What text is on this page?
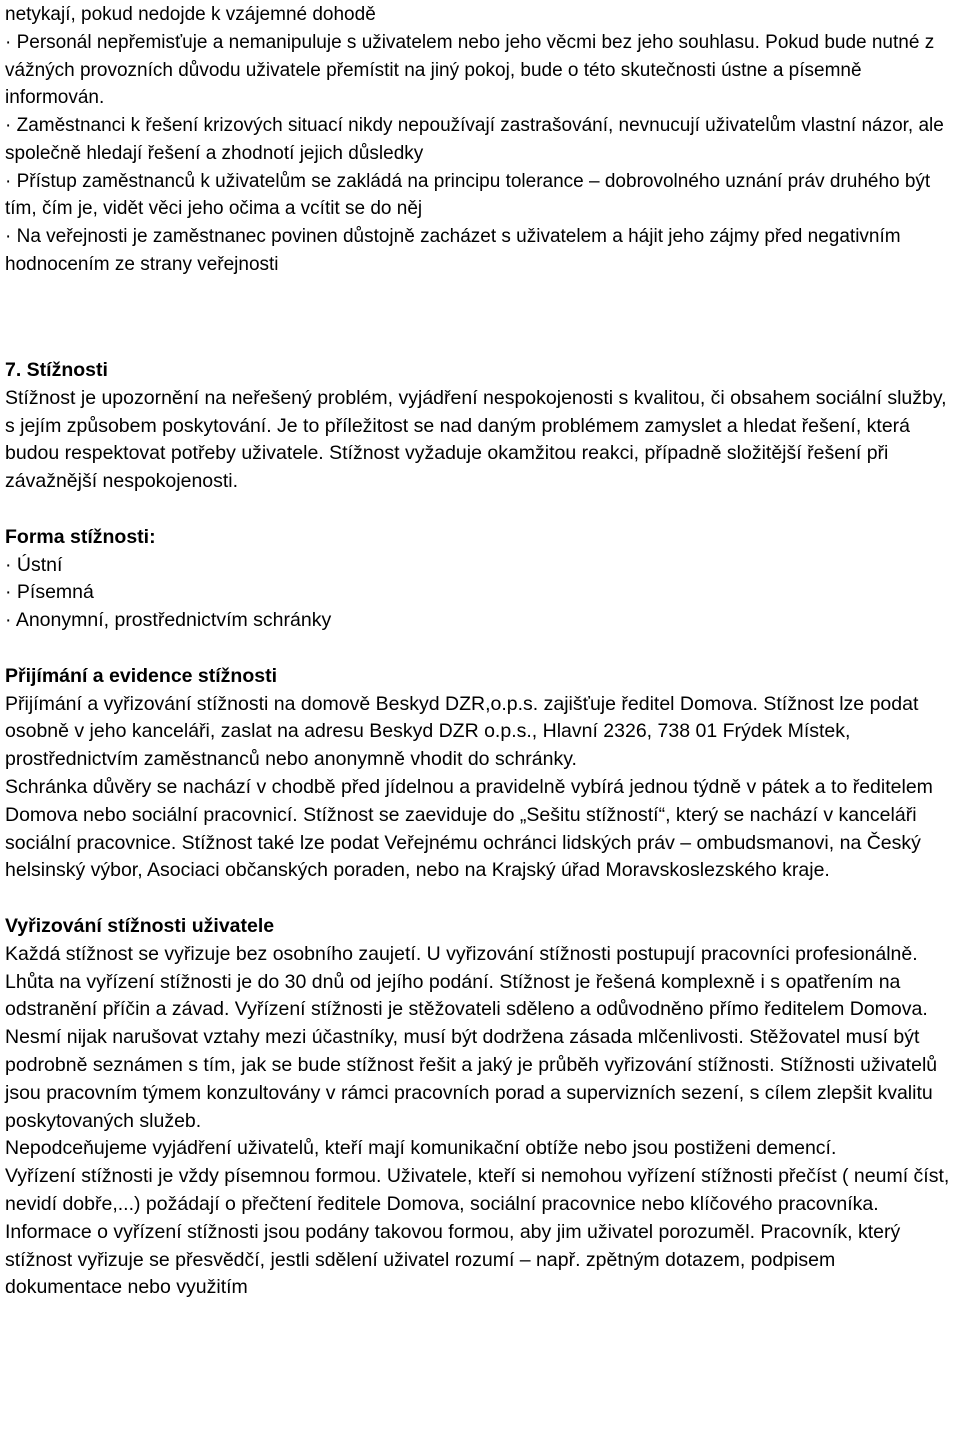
netykají, pokud nedojde k vzájemné dohodě

· Personál nepřemisťuje a nemanipuluje s uživatelem nebo jeho věcmi bez jeho souhlasu. Pokud bude nutné z vážných provozních důvodu uživatele přemístit na jiný pokoj, bude o této skutečnosti ústne a písemně informován.

· Zaměstnanci k řešení krizových situací nikdy nepoužívají zastrašování, nevnucují uživatelům vlastní názor, ale společně hledají řešení a zhodnotí jejich důsledky

· Přístup zaměstnanců k uživatelům se zakládá na principu tolerance – dobrovolného uznání práv druhého být tím, čím je, vidět věci jeho očima a vcítit se do něj

· Na veřejnosti je zaměstnanec povinen důstojně zacházet s uživatelem a hájit jeho zájmy před negativním hodnocením ze strany veřejnosti

7. Stížnosti

Stížnost je upozornění na neřešený problém, vyjádření nespokojenosti s kvalitou, či obsahem sociální služby, s jejím způsobem poskytování. Je to příležitost se nad daným problémem zamyslet a hledat řešení, která budou respektovat potřeby uživatele. Stížnost vyžaduje okamžitou reakci, případně složitější řešení při závažnější nespokojenosti.

Forma stížnosti:

· Ústní

· Písemná

· Anonymní, prostřednictvím schránky

Přijímání a evidence stížnosti

Přijímání a vyřizování stížnosti na domově Beskyd DZR,o.p.s. zajišťuje ředitel Domova. Stížnost lze podat osobně v jeho kanceláři, zaslat na adresu Beskyd DZR o.p.s., Hlavní 2326, 738 01 Frýdek Místek, prostřednictvím zaměstnanců nebo anonymně vhodit do schránky.

Schránka důvěry se nachází v chodbě před jídelnou a pravidelně vybírá jednou týdně v pátek a to ředitelem Domova nebo sociální pracovnicí. Stížnost se zaeviduje do „Sešitu stížností“, který se nachází v kanceláři sociální pracovnice. Stížnost také lze podat Veřejnému ochránci lidských práv – ombudsmanovi, na Český helsinský výbor, Asociaci občanských poraden, nebo na Krajský úřad Moravskoslezského kraje.

Vyřizování stížnosti uživatele

Každá stížnost se vyřizuje bez osobního zaujetí. U vyřizování stížnosti postupují pracovníci profesionálně. Lhůta na vyřízení stížnosti je do 30 dnů od jejího podání. Stížnost je řešená komplexně i s opatřením na odstranění příčin a závad. Vyřízení stížnosti je stěžovateli sděleno a odůvodněno přímo ředitelem Domova. Nesmí nijak narušovat vztahy mezi účastníky, musí být dodržena zásada mlčenlivosti. Stěžovatel musí být podrobně seznámen s tím, jak se bude stížnost řešit a jaký je průběh vyřizování stížnosti. Stížnosti uživatelů jsou pracovním týmem konzultovány v rámci pracovních porad a supervizních sezení, s cílem zlepšit kvalitu poskytovaných služeb.

Nepodceňujeme vyjádření uživatelů, kteří mají komunikační obtíže nebo jsou postiženi demencí.

Vyřízení stížnosti je vždy písemnou formou. Uživatele, kteří si nemohou vyřízení stížnosti přečíst ( neumí číst, nevidí dobře,...) požádají o přečtení ředitele Domova, sociální pracovnice nebo klíčového pracovníka. Informace o vyřízení stížnosti jsou podány takovou formou, aby jim uživatel porozuměl. Pracovník, který stížnost vyřizuje se přesvědčí, jestli sdělení uživatel rozumí – např. zpětným dotazem, podpisem dokumentace nebo využitím
